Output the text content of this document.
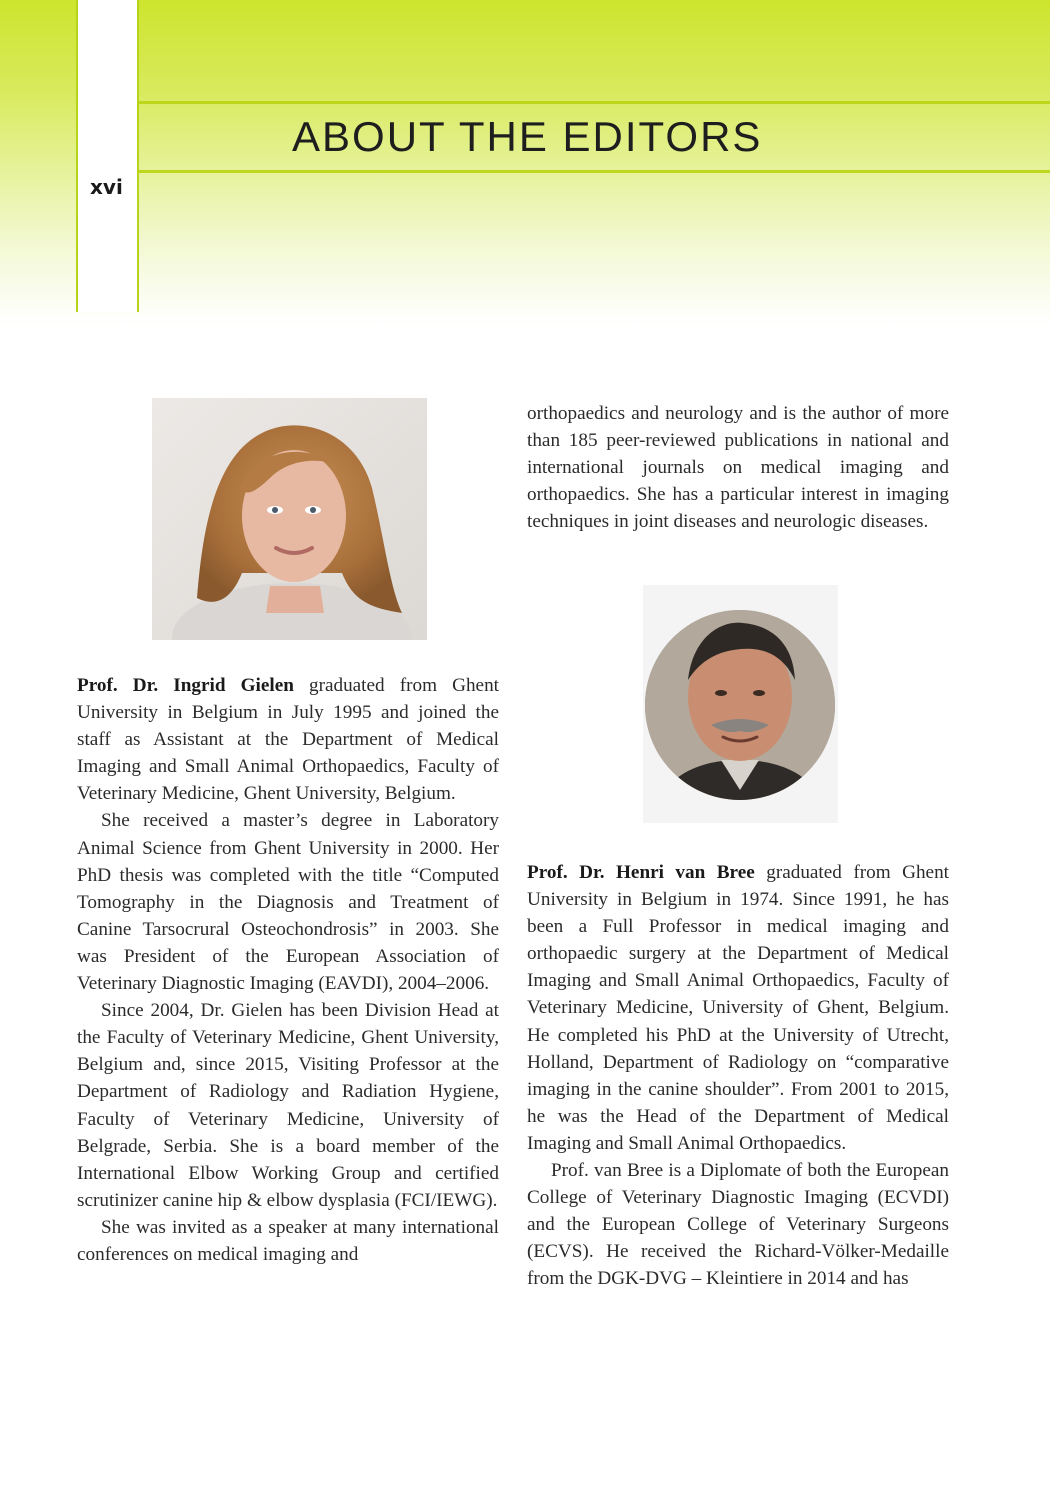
ABOUT THE EDITORS
xvi

Prof. Dr. Ingrid Gielen graduated from Ghent University in Belgium in July 1995 and joined the staff as Assistant at the Department of Medical Imaging and Small Animal Orthopaedics, Faculty of Veterinary Medicine, Ghent University, Belgium.

She received a master’s degree in Laboratory Animal Science from Ghent University in 2000. Her PhD thesis was completed with the title “Computed Tomography in the Diagnosis and Treatment of Canine Tarsocrural Osteochondrosis” in 2003. She was President of the European Association of Veterinary Diagnostic Imaging (EAVDI), 2004–2006.

Since 2004, Dr. Gielen has been Division Head at the Faculty of Veterinary Medicine, Ghent University, Belgium and, since 2015, Visiting Professor at the Department of Radiology and Radiation Hygiene, Faculty of Veterinary Medicine, University of Belgrade, Serbia. She is a board member of the International Elbow Working Group and certified scrutinizer canine hip & elbow dysplasia (FCI/IEWG).

She was invited as a speaker at many international conferences on medical imaging and

orthopaedics and neurology and is the author of more than 185 peer-reviewed publications in national and international journals on medical imaging and orthopaedics. She has a particular interest in imaging techniques in joint diseases and neurologic diseases.

Prof. Dr. Henri van Bree graduated from Ghent University in Belgium in 1974. Since 1991, he has been a Full Professor in medical imaging and orthopaedic surgery at the Department of Medical Imaging and Small Animal Orthopaedics, Faculty of Veterinary Medicine, University of Ghent, Belgium. He completed his PhD at the University of Utrecht, Holland, Department of Radiology on “comparative imaging in the canine shoulder”. From 2001 to 2015, he was the Head of the Department of Medical Imaging and Small Animal Orthopaedics.

Prof. van Bree is a Diplomate of both the European College of Veterinary Diagnostic Imaging (ECVDI) and the European College of Veterinary Surgeons (ECVS). He received the Richard-Völker-Medaille from the DGK-DVG – Kleintiere in 2014 and has
